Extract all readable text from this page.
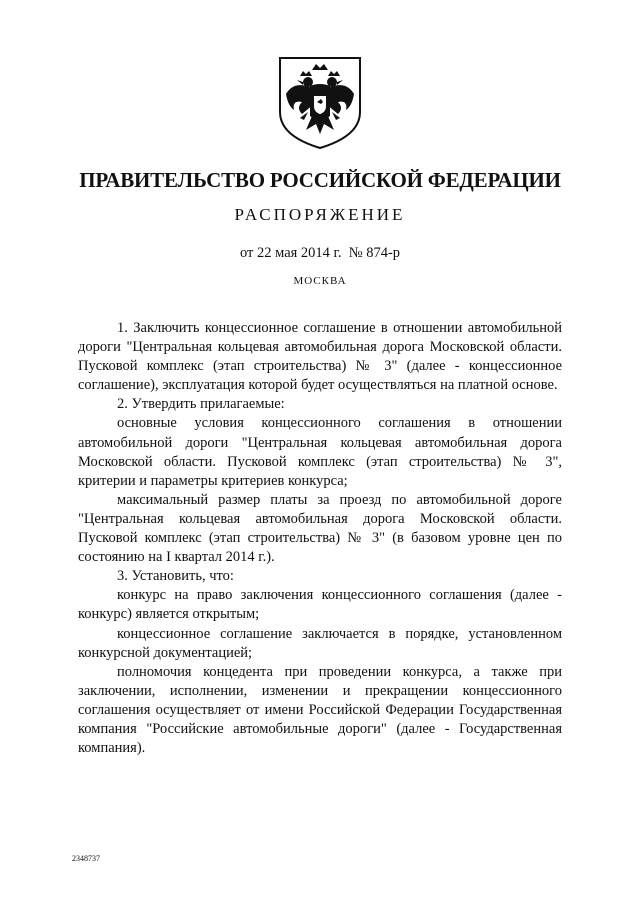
ПРАВИТЕЛЬСТВО РОССИЙСКОЙ ФЕДЕРАЦИИ
РАСПОРЯЖЕНИЕ
от 22 мая 2014 г. № 874-р
МОСКВА

1. Заключить концессионное соглашение в отношении автомобильной дороги "Центральная кольцевая автомобильная дорога Московской области. Пусковой комплекс (этап строительства) № 3" (далее - концессионное соглашение), эксплуатация которой будет осуществляться на платной основе.

2. Утвердить прилагаемые:

основные условия концессионного соглашения в отношении автомобильной дороги "Центральная кольцевая автомобильная дорога Московской области. Пусковой комплекс (этап строительства) № 3", критерии и параметры критериев конкурса;

максимальный размер платы за проезд по автомобильной дороге "Центральная кольцевая автомобильная дорога Московской области. Пусковой комплекс (этап строительства) № 3" (в базовом уровне цен по состоянию на I квартал 2014 г.).

3. Установить, что:

конкурс на право заключения концессионного соглашения (далее - конкурс) является открытым;

концессионное соглашение заключается в порядке, установленном конкурсной документацией;

полномочия концедента при проведении конкурса, а также при заключении, исполнении, изменении и прекращении концессионного соглашения осуществляет от имени Российской Федерации Государственная компания "Российские автомобильные дороги" (далее - Государственная компания).

2348737
